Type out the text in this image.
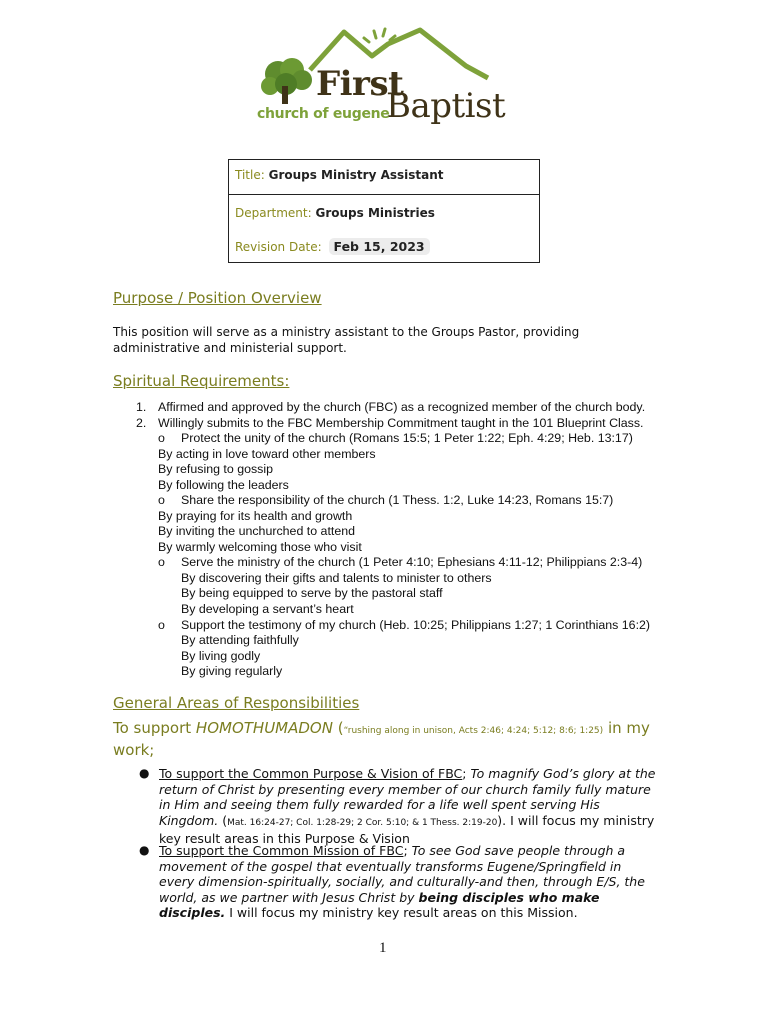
First
Baptist
church of eugene
Title: Groups Ministry Assistant
Department: Groups Ministries
Revision Date: Feb 15, 2023
Purpose / Position Overview
This position will serve as a ministry assistant to the Groups Pastor, providing administrative and ministerial support.
Spiritual Requirements:
1. Affirmed and approved by the church (FBC) as a recognized member of the church body.
2. Willingly submits to the FBC Membership Commitment taught in the 101 Blueprint Class.
o Protect the unity of the church (Romans 15:5; 1 Peter 1:22; Eph. 4:29; Heb. 13:17)
By acting in love toward other members
By refusing to gossip
By following the leaders
o Share the responsibility of the church (1 Thess. 1:2, Luke 14:23, Romans 15:7)
By praying for its health and growth
By inviting the unchurched to attend
By warmly welcoming those who visit
o Serve the ministry of the church (1 Peter 4:10; Ephesians 4:11-12; Philippians 2:3-4)
By discovering their gifts and talents to minister to others
By being equipped to serve by the pastoral staff
By developing a servant’s heart
o Support the testimony of my church (Heb. 10:25; Philippians 1:27; 1 Corinthians 16:2)
By attending faithfully
By living godly
By giving regularly
General Areas of Responsibilities
To support HOMOTHUMADON (“rushing along in unison, Acts 2:46; 4:24; 5:12; 8:6; 1:25) in my work;
● To support the Common Purpose & Vision of FBC; To magnify God’s glory at the return of Christ by presenting every member of our church family fully mature in Him and seeing them fully rewarded for a life well spent serving His Kingdom. (Mat. 16:24-27; Col. 1:28-29; 2 Cor. 5:10; & 1 Thess. 2:19-20). I will focus my ministry key result areas in this Purpose & Vision
● To support the Common Mission of FBC; To see God save people through a movement of the gospel that eventually transforms Eugene/Springfield in every dimension-spiritually, socially, and culturally-and then, through E/S, the world, as we partner with Jesus Christ by being disciples who make disciples. I will focus my ministry key result areas on this Mission.
1
